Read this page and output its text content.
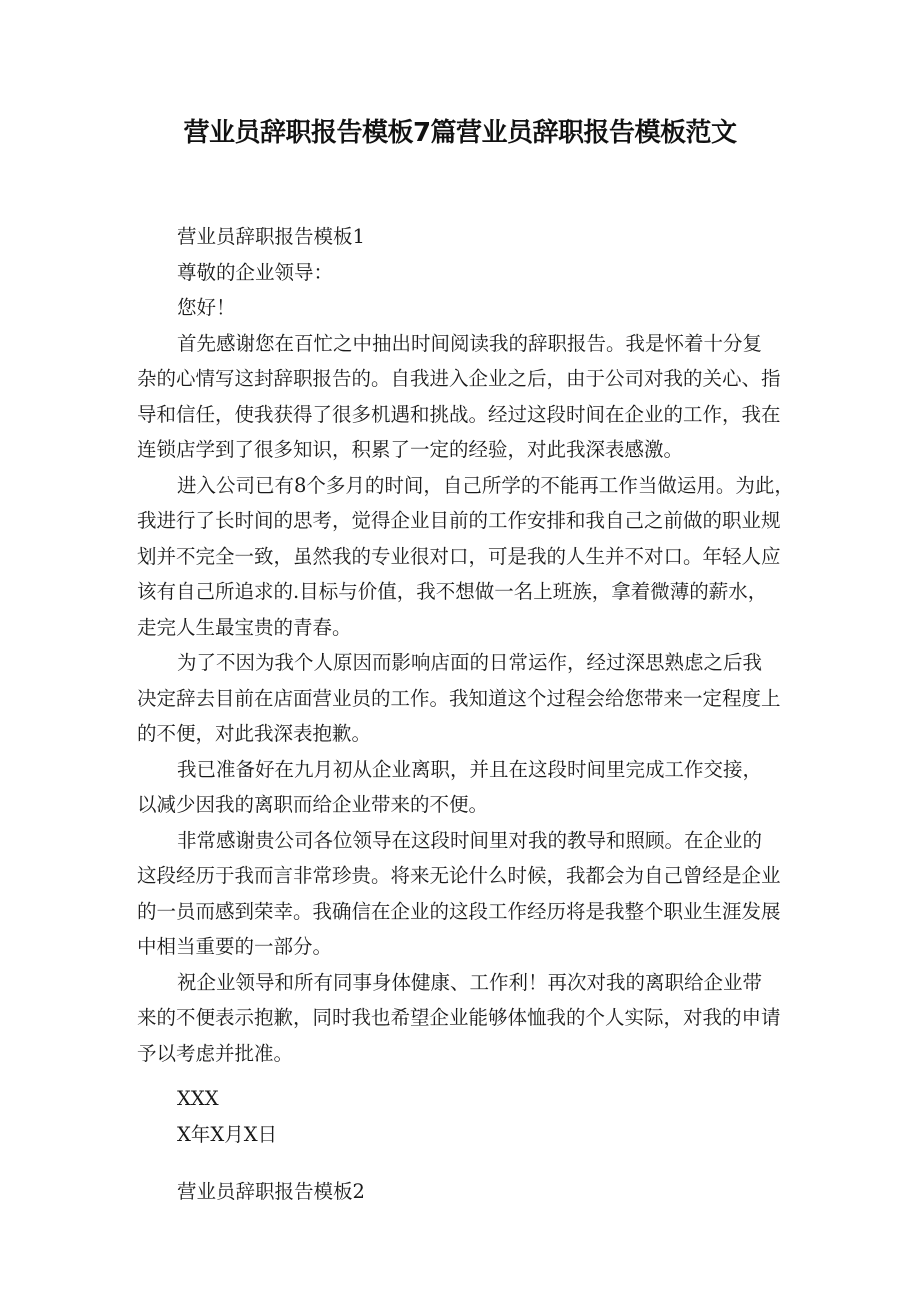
营业员辞职报告模板7篇营业员辞职报告模板范文
营业员辞职报告模板1
尊敬的企业领导：
您好！
首先感谢您在百忙之中抽出时间阅读我的辞职报告。我是怀着十分复
杂的心情写这封辞职报告的。自我进入企业之后，由于公司对我的关心、指
导和信任，使我获得了很多机遇和挑战。经过这段时间在企业的工作，我在
连锁店学到了很多知识，积累了一定的经验，对此我深表感激。
进入公司已有8个多月的时间，自己所学的不能再工作当做运用。为此，
我进行了长时间的思考，觉得企业目前的工作安排和我自己之前做的职业规
划并不完全一致，虽然我的专业很对口，可是我的人生并不对口。年轻人应
该有自己所追求的.目标与价值，我不想做一名上班族，拿着微薄的薪水，
走完人生最宝贵的青春。
为了不因为我个人原因而影响店面的日常运作，经过深思熟虑之后我
决定辞去目前在店面营业员的工作。我知道这个过程会给您带来一定程度上
的不便，对此我深表抱歉。
我已准备好在九月初从企业离职，并且在这段时间里完成工作交接，
以减少因我的离职而给企业带来的不便。
非常感谢贵公司各位领导在这段时间里对我的教导和照顾。在企业的
这段经历于我而言非常珍贵。将来无论什么时候，我都会为自己曾经是企业
的一员而感到荣幸。我确信在企业的这段工作经历将是我整个职业生涯发展
中相当重要的一部分。
祝企业领导和所有同事身体健康、工作利！再次对我的离职给企业带
来的不便表示抱歉，同时我也希望企业能够体恤我的个人实际，对我的申请
予以考虑并批准。
XXX
X年X月X日
营业员辞职报告模板2
